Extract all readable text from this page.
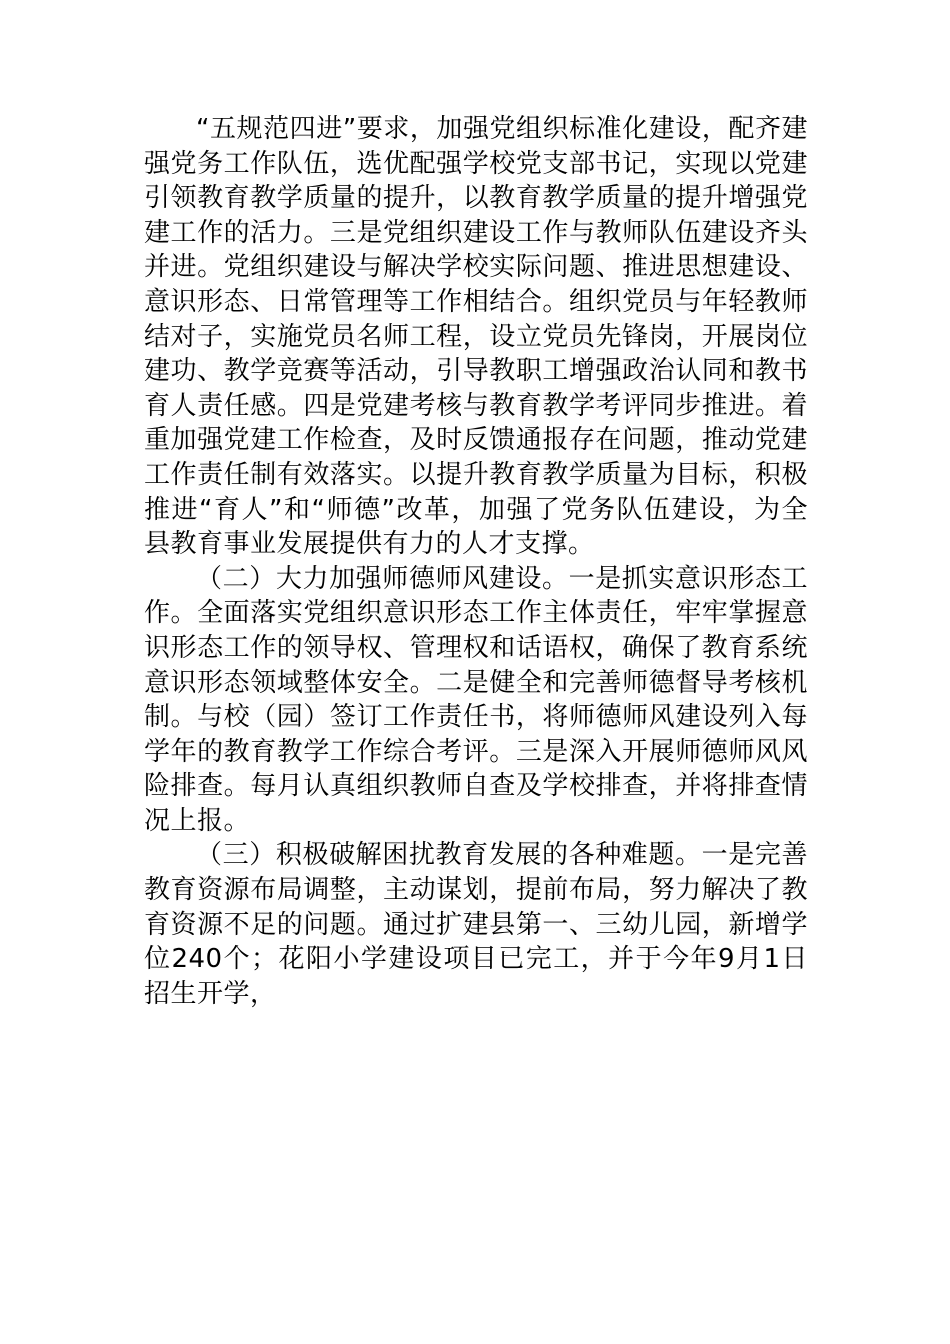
“五规范四进”要求，加强党组织标准化建设，配齐建强党务工作队伍，选优配强学校党支部书记，实现以党建引领教育教学质量的提升，以教育教学质量的提升增强党建工作的活力。三是党组织建设工作与教师队伍建设齐头并进。党组织建设与解决学校实际问题、推进思想建设、意识形态、日常管理等工作相结合。组织党员与年轻教师结对子，实施党员名师工程，设立党员先锋岗，开展岗位建功、教学竞赛等活动，引导教职工增强政治认同和教书育人责任感。四是党建考核与教育教学考评同步推进。着重加强党建工作检查，及时反馈通报存在问题，推动党建工作责任制有效落实。以提升教育教学质量为目标，积极推进“育人”和“师德”改革，加强了党务队伍建设，为全县教育事业发展提供有力的人才支撑。

（二）大力加强师德师风建设。一是抓实意识形态工作。全面落实党组织意识形态工作主体责任，牢牢掌握意识形态工作的领导权、管理权和话语权，确保了教育系统意识形态领域整体安全。二是健全和完善师德督导考核机制。与校（园）签订工作责任书，将师德师风建设列入每学年的教育教学工作综合考评。三是深入开展师德师风风险排查。每月认真组织教师自查及学校排查，并将排查情况上报。

（三）积极破解困扰教育发展的各种难题。一是完善教育资源布局调整，主动谋划，提前布局，努力解决了教育资源不足的问题。通过扩建县第一、三幼儿园，新增学位240个；花阳小学建设项目已完工，并于今年9月1日招生开学，
